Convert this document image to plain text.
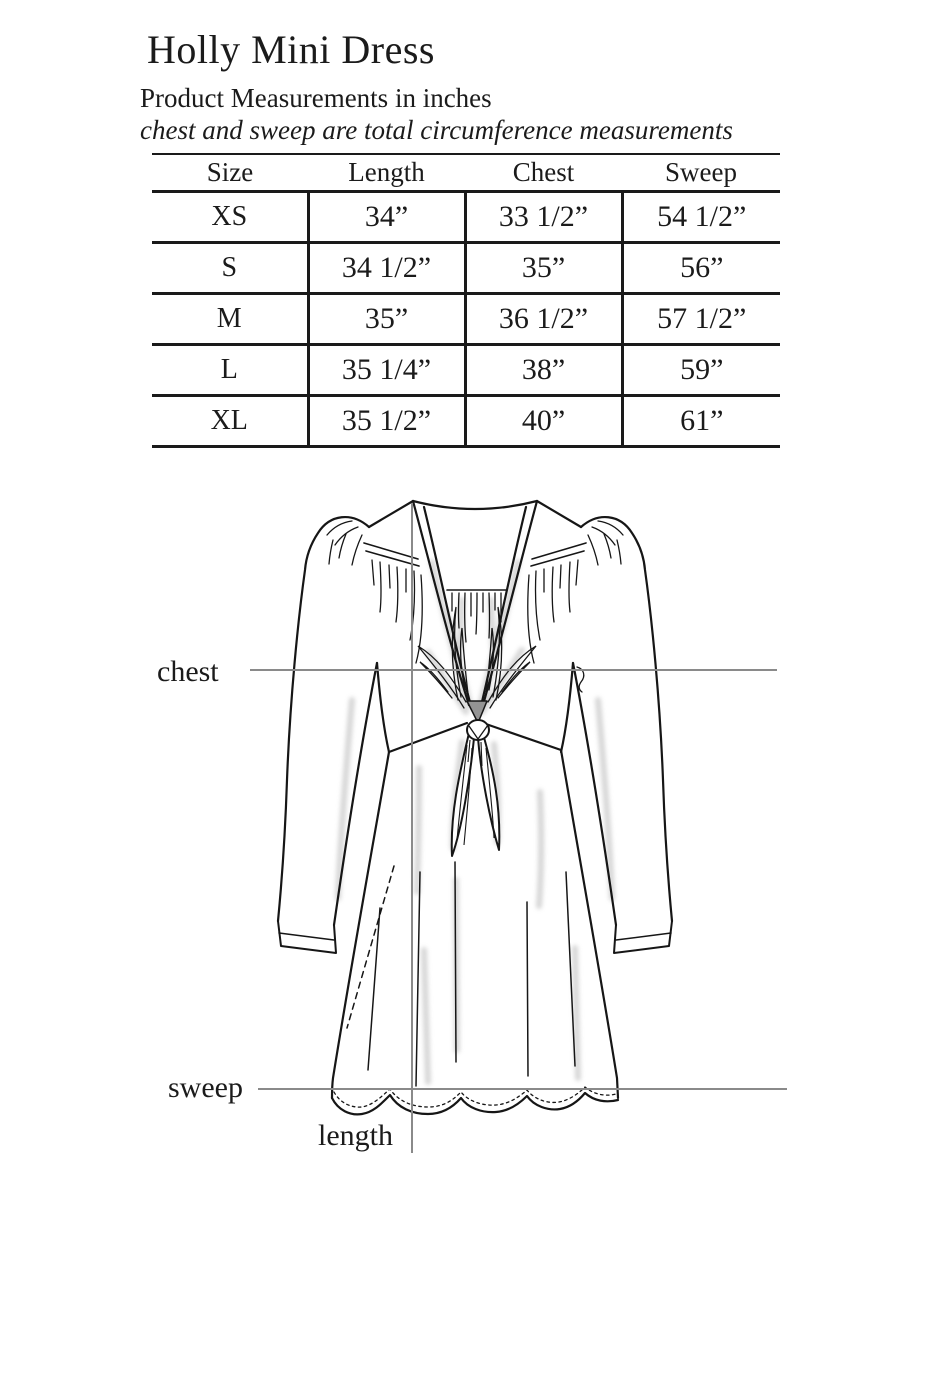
Holly Mini Dress
Product Measurements in inches
chest and sweep are total circumference measurements
Size	Length	Chest	Sweep
XS	34”	33 1/2”	54 1/2”
S	34 1/2”	35”	56”
M	35”	36 1/2”	57 1/2”
L	35 1/4”	38”	59”
XL	35 1/2”	40”	61”
chest
sweep
length
